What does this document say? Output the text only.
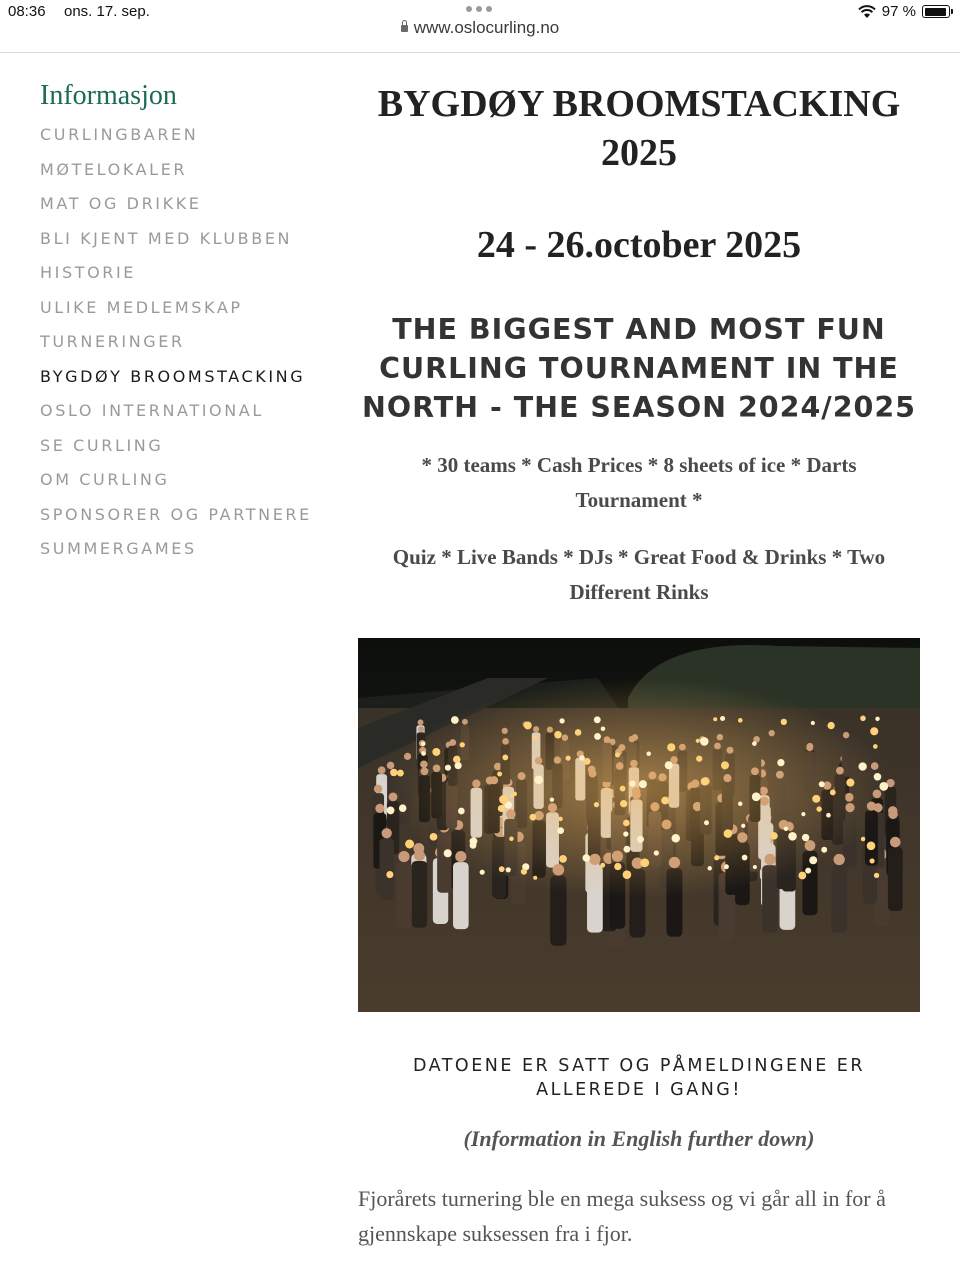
08:36 ons. 17. sep.	97 %
www.oslocurling.no
Informasjon
CURLINGBAREN
MØTELOKALER
MAT OG DRIKKE
BLI KJENT MED KLUBBEN
HISTORIE
ULIKE MEDLEMSKAP
TURNERINGER
BYGDØY BROOMSTACKING
OSLO INTERNATIONAL
SE CURLING
OM CURLING
SPONSORER OG PARTNERE
SUMMERGAMES
BYGDØY BROOMSTACKING 2025
24 - 26.october 2025
THE BIGGEST AND MOST FUN CURLING TOURNAMENT IN THE NORTH - THE SEASON 2024/2025

* 30 teams * Cash Prices * 8 sheets of ice * Darts Tournament *

Quiz * Live Bands * DJs * Great Food & Drinks * Two Different Rinks

DATOENE ER SATT OG PÅMELDINGENE ER ALLEREDE I GANG!
(Information in English further down)

Fjorårets turnering ble en mega suksess og vi går all in for å gjennskape suksessen fra i fjor.
